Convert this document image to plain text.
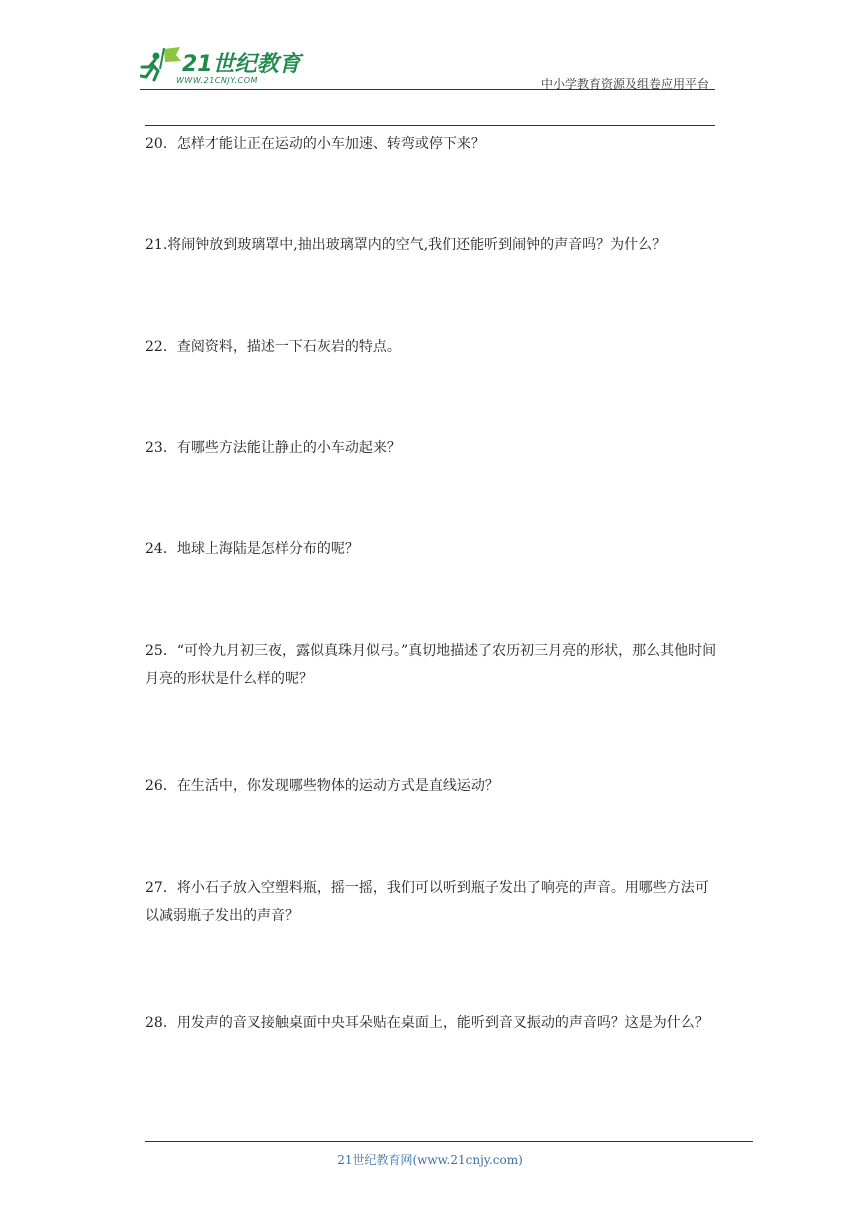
21世纪教育
WWW.21CNJY.COM	中小学教育资源及组卷应用平台
20．怎样才能让正在运动的小车加速、转弯或停下来？
21.将闹钟放到玻璃罩中,抽出玻璃罩内的空气,我们还能听到闹钟的声音吗？为什么？
22．查阅资料，描述一下石灰岩的特点。
23．有哪些方法能让静止的小车动起来？
24．地球上海陆是怎样分布的呢？
25．“可怜九月初三夜，露似真珠月似弓。”真切地描述了农历初三月亮的形状，那么其他时间月亮的形状是什么样的呢？
26．在生活中，你发现哪些物体的运动方式是直线运动？
27．将小石子放入空塑料瓶，摇一摇，我们可以听到瓶子发出了响亮的声音。用哪些方法可以减弱瓶子发出的声音？
28．用发声的音叉接触桌面中央耳朵贴在桌面上，能听到音叉振动的声音吗？这是为什么？
21世纪教育网(www.21cnjy.com)
